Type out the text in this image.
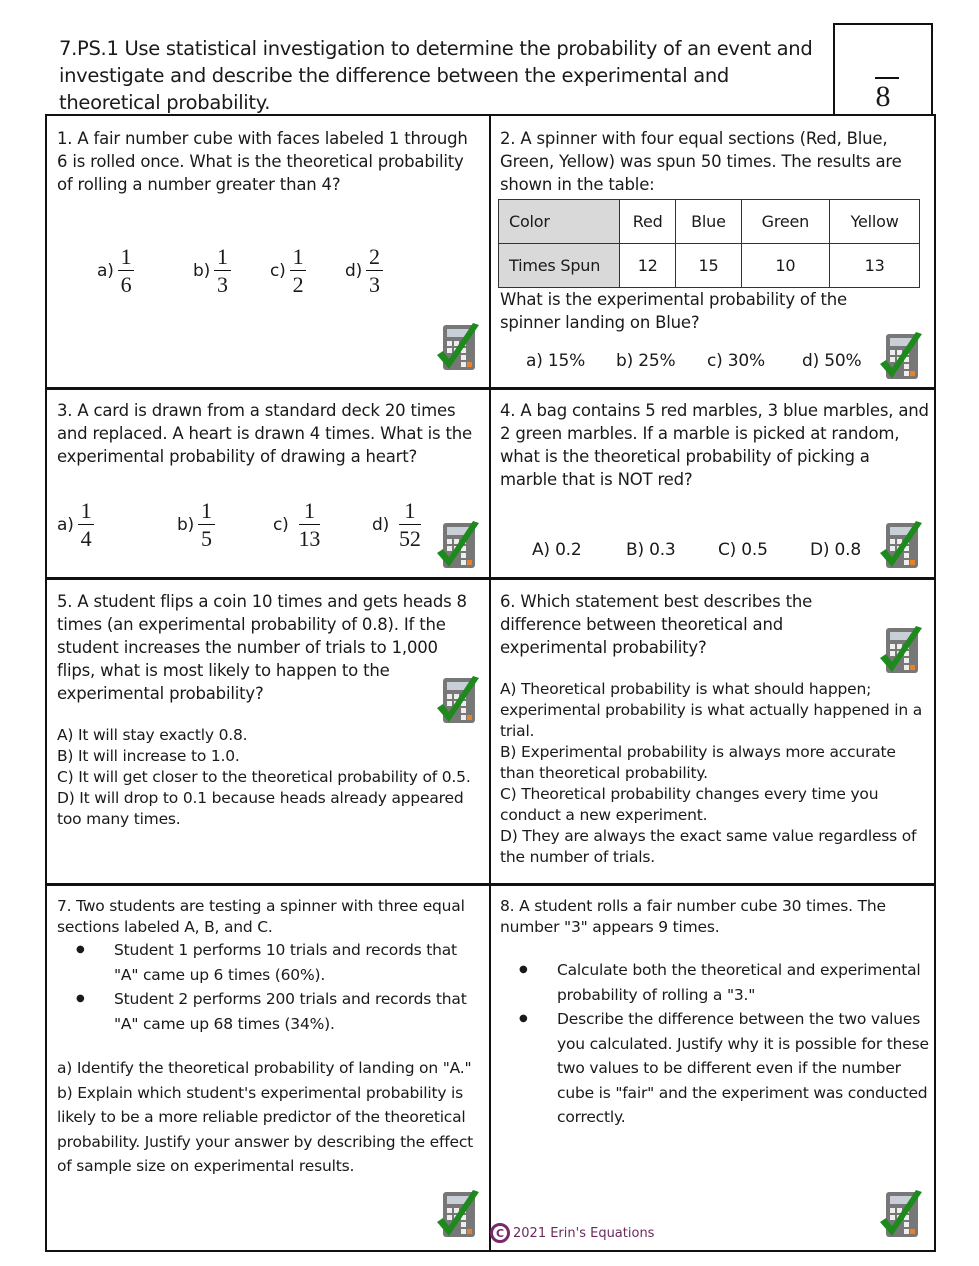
7.PS.1 Use statistical investigation to determine the probability of an event and investigate and describe the difference between the experimental and theoretical probability.	8

1. A fair number cube with faces labeled 1 through 6 is rolled once. What is the theoretical probability of rolling a number greater than 4?

$a) \frac{1}{6}$	$b) \frac{1}{3} c) \frac{1}{2} d) \frac{2}{3}$

2. A spinner with four equal sections (Red, Blue, Green, Yellow) was spun 50 times. The results are shown in the table:

Color	Red	Blue	Green	Yellow
Times Spun	12	15	10	13

What is the experimental probability of the spinner landing on Blue?

a) 15% b) 25% c) 30% d) 50%

3. A card is drawn from a standard deck 20 times and replaced. A heart is drawn 4 times. What is the experimental probability of drawing a heart?

$a) \frac{1}{4}$	$b) \frac{1}{5}$	$c) \frac{1}{13}$	$d) \frac{1}{52}$

4. A bag contains 5 red marbles, 3 blue marbles, and 2 green marbles. If a marble is picked at random, what is the theoretical probability of picking a marble that is NOT red?

A) 0.2	B) 0.3 C) 0.5 D) 0.8

5. A student flips a coin 10 times and gets heads 8 times (an experimental probability of 0.8). If the student increases the number of trials to 1,000 flips, what is most likely to happen to the experimental probability?

A) It will stay exactly 0.8.
B) It will increase to 1.0.
C) It will get closer to the theoretical probability of 0.5.
D) It will drop to 0.1 because heads already appeared too many times.

6. Which statement best describes the difference between theoretical and experimental probability?

A) Theoretical probability is what should happen; experimental probability is what actually happened in a trial.
B) Experimental probability is always more accurate than theoretical probability.
C) Theoretical probability changes every time you conduct a new experiment.
D) They are always the exact same value regardless of the number of trials.

7. Two students are testing a spinner with three equal sections labeled A, B, and C.

● Student 1 performs 10 trials and records that "A" came up 6 times (60%).
● Student 2 performs 200 trials and records that "A" came up 68 times (34%).
a) Identify the theoretical probability of landing on "A."
b) Explain which student's experimental probability is likely to be a more reliable predictor of the theoretical probability. Justify your answer by describing the effect of sample size on experimental results.

8. A student rolls a fair number cube 30 times. The number "3" appears 9 times.

● Calculate both the theoretical and experimental probability of rolling a "3."
● Describe the difference between the two values you calculated. Justify why it is possible for these two values to be different even if the number cube is "fair" and the experiment was conducted correctly.
C 2021 Erin's Equations
